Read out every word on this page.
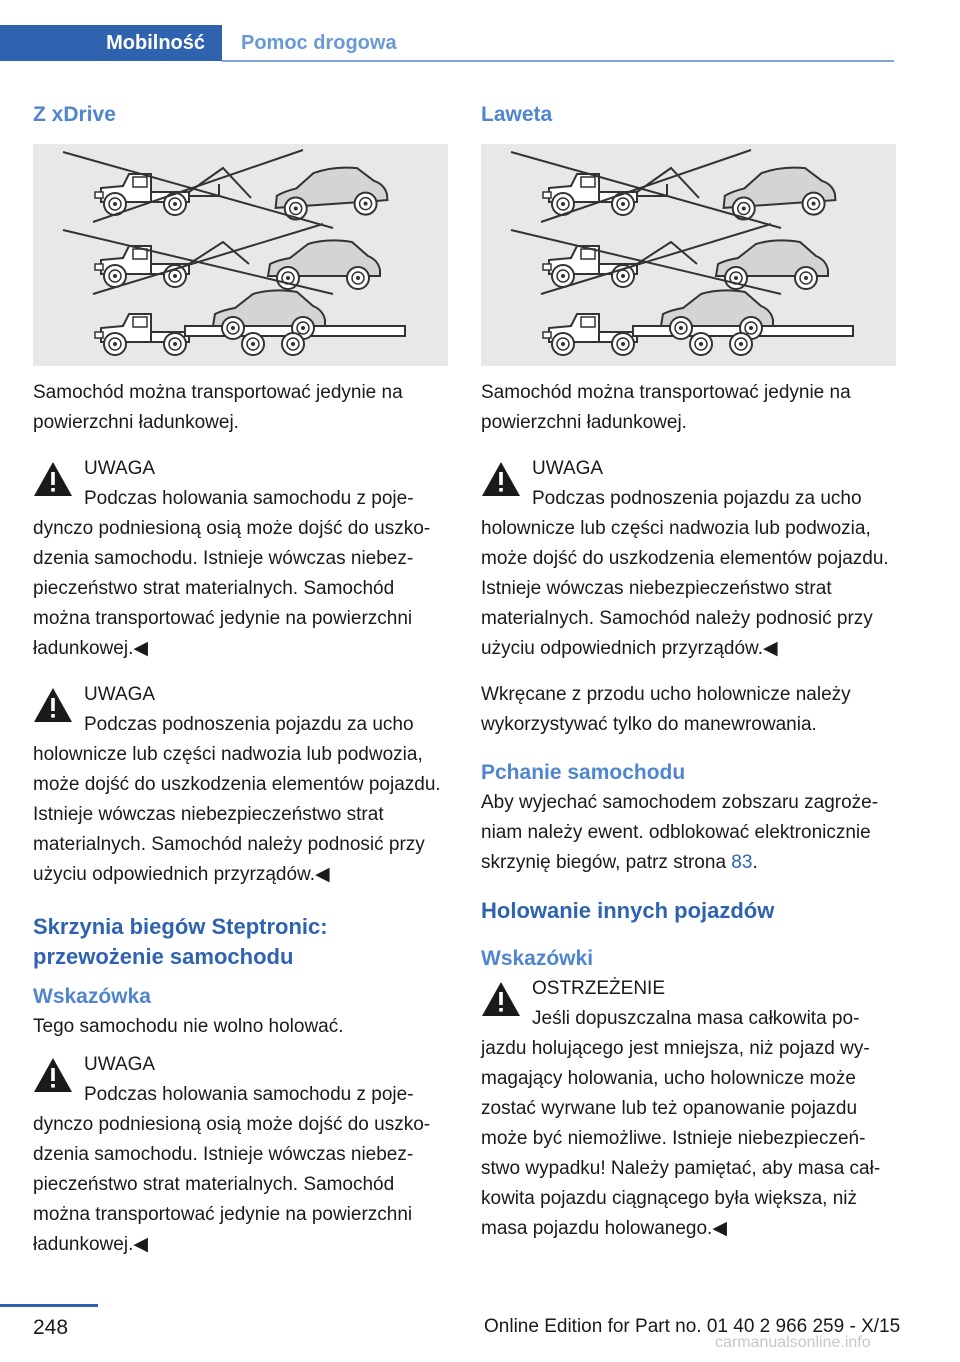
Mobilność	Pomoc drogowa
Z xDrive

Samochód można transportować jedynie na powierzchni ładunkowej.

UWAGA
Podczas holowania samochodu z pojedynczo podniesioną osią może dojść do uszkodzenia samochodu. Istnieje wówczas niebezpieczeństwo strat materialnych. Samochód można transportować jedynie na powierzchni ładunkowej.◀
UWAGA
Podczas podnoszenia pojazdu za ucho holownicze lub części nadwozia lub podwozia, może dojść do uszkodzenia elementów pojazdu. Istnieje wówczas niebezpieczeństwo strat materialnych. Samochód należy podnosić przy użyciu odpowiednich przyrządów.◀
Skrzynia biegów Steptronic: przewożenie samochodu
Wskazówka

Tego samochodu nie wolno holować.

UWAGA
Podczas holowania samochodu z pojedynczo podniesioną osią może dojść do uszkodzenia samochodu. Istnieje wówczas niebezpieczeństwo strat materialnych. Samochód można transportować jedynie na powierzchni ładunkowej.◀
Laweta

Samochód można transportować jedynie na powierzchni ładunkowej.

UWAGA
Podczas podnoszenia pojazdu za ucho holownicze lub części nadwozia lub podwozia, może dojść do uszkodzenia elementów pojazdu. Istnieje wówczas niebezpieczeństwo strat materialnych. Samochód należy podnosić przy użyciu odpowiednich przyrządów.◀

Wkręcane z przodu ucho holownicze należy wykorzystywać tylko do manewrowania.

Pchanie samochodu

Aby wyjechać samochodem zobszaru zagrożeniam należy ewent. odblokować elektronicznie skrzynię biegów, patrz strona 83.

Holowanie innych pojazdów
Wskazówki
OSTRZEŻENIE
Jeśli dopuszczalna masa całkowita pojazdu holującego jest mniejsza, niż pojazd wymagający holowania, ucho holownicze może zostać wyrwane lub też opanowanie pojazdu może być niemożliwe. Istnieje niebezpieczeństwo wypadku! Należy pamiętać, aby masa całkowita pojazdu ciągnącego była większa, niż masa pojazdu holowanego.◀
248	Online Edition for Part no. 01 40 2 966 259 - X/15
carmanualsonline.info
